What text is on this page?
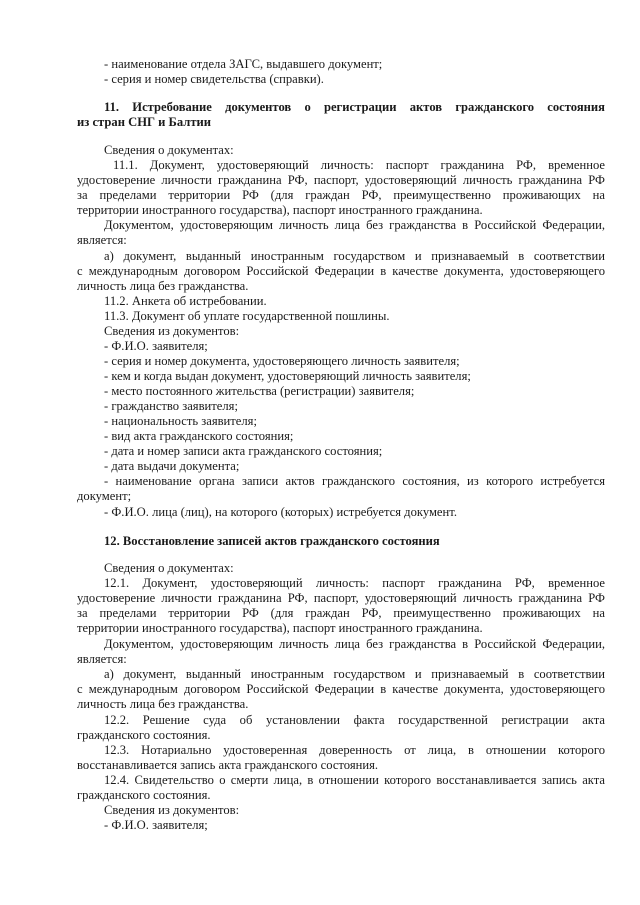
- наименование отдела ЗАГС, выдавшего документ;
- серия и номер свидетельства (справки).
11. Истребование документов о регистрации актов гражданского состояния
из стран СНГ и Балтии
Сведения о документах:
11.1. Документ, удостоверяющий личность: паспорт гражданина РФ, временное
удостоверение личности гражданина РФ, паспорт, удостоверяющий личность гражданина РФ
за пределами территории РФ (для граждан РФ, преимущественно проживающих на
территории иностранного государства), паспорт иностранного гражданина.
Документом, удостоверяющим личность лица без гражданства в Российской Федерации,
является:
а) документ, выданный иностранным государством и признаваемый в соответствии
с международным договором Российской Федерации в качестве документа, удостоверяющего
личность лица без гражданства.
11.2. Анкета об истребовании.
11.3. Документ об уплате государственной пошлины.
Сведения из документов:
- Ф.И.О. заявителя;
- серия и номер документа, удостоверяющего личность заявителя;
- кем и когда выдан документ, удостоверяющий личность заявителя;
- место постоянного жительства (регистрации) заявителя;
- гражданство заявителя;
- национальность заявителя;
- вид акта гражданского состояния;
- дата и номер записи акта гражданского состояния;
- дата выдачи документа;
- наименование органа записи актов гражданского состояния, из которого истребуется
документ;
- Ф.И.О. лица (лиц), на которого (которых) истребуется документ.
12. Восстановление записей актов гражданского состояния
Сведения о документах:
12.1. Документ, удостоверяющий личность: паспорт гражданина РФ, временное
удостоверение личности гражданина РФ, паспорт, удостоверяющий личность гражданина РФ
за пределами территории РФ (для граждан РФ, преимущественно проживающих на
территории иностранного государства), паспорт иностранного гражданина.
Документом, удостоверяющим личность лица без гражданства в Российской Федерации,
является:
а) документ, выданный иностранным государством и признаваемый в соответствии
с международным договором Российской Федерации в качестве документа, удостоверяющего
личность лица без гражданства.
12.2. Решение суда об установлении факта государственной регистрации акта
гражданского состояния.
12.3. Нотариально удостоверенная доверенность от лица, в отношении которого
восстанавливается запись акта гражданского состояния.
12.4. Свидетельство о смерти лица, в отношении которого восстанавливается запись акта
гражданского состояния.
Сведения из документов:
- Ф.И.О. заявителя;
